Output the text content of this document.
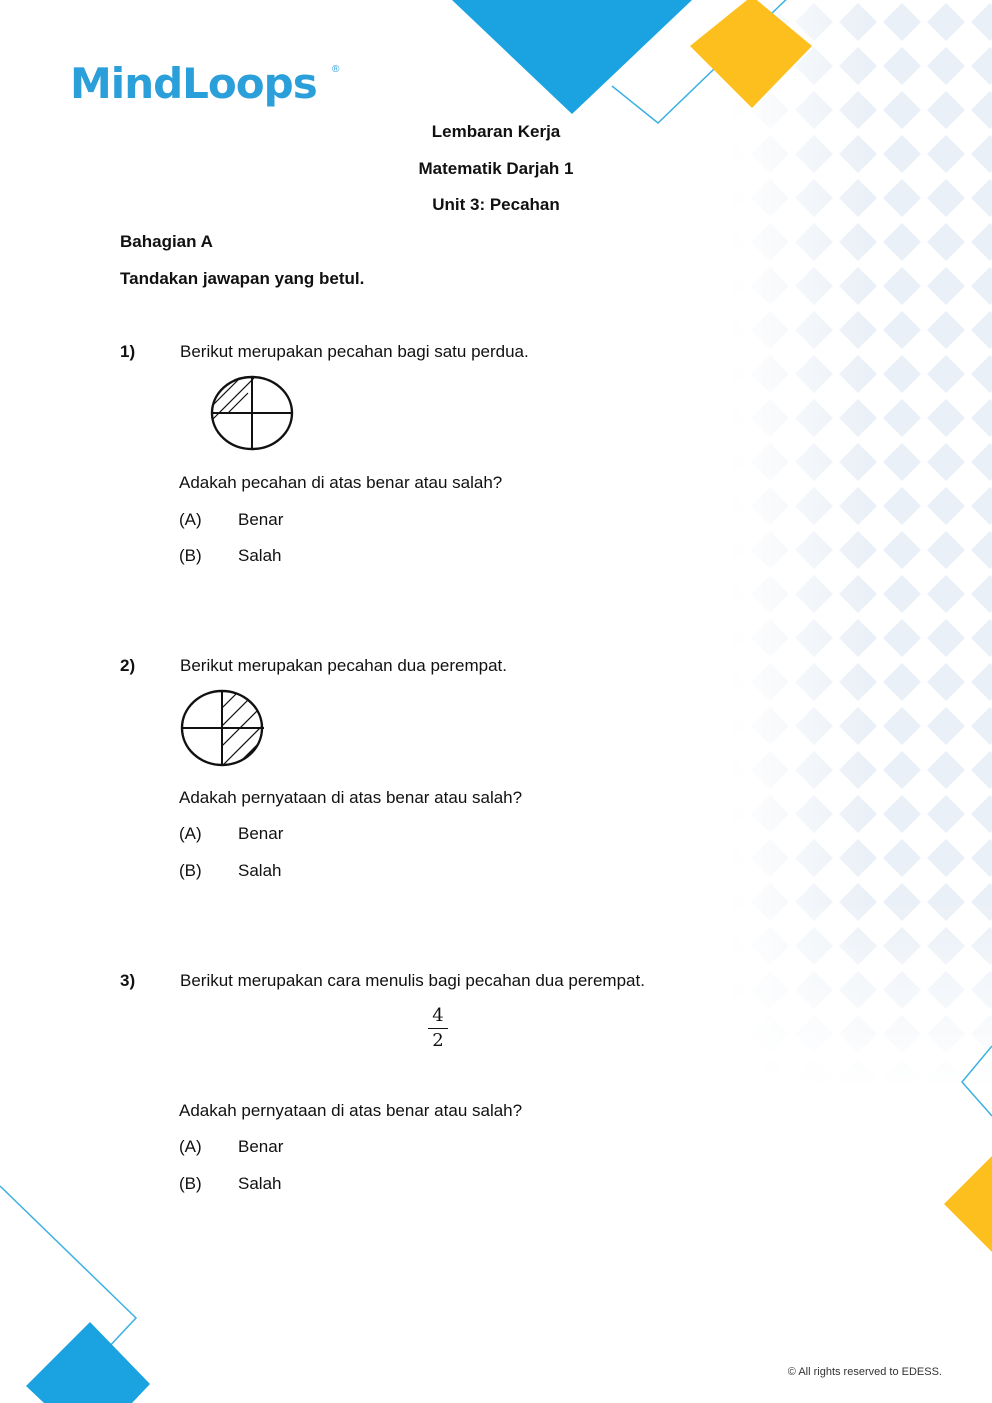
MindLoops ®
Lembaran Kerja
Matematik Darjah 1
Unit 3: Pecahan
Bahagian A
Tandakan jawapan yang betul.
1)	Berikut merupakan pecahan bagi satu perdua.
Adakah pecahan di atas benar atau salah?
(A) Benar
(B) Salah
2)	Berikut merupakan pecahan dua perempat.
Adakah pernyataan di atas benar atau salah?
(A) Benar
(B) Salah
3)	Berikut merupakan cara menulis bagi pecahan dua perempat.
4
2
Adakah pernyataan di atas benar atau salah?
(A) Benar
(B) Salah
© All rights reserved to EDESS.
